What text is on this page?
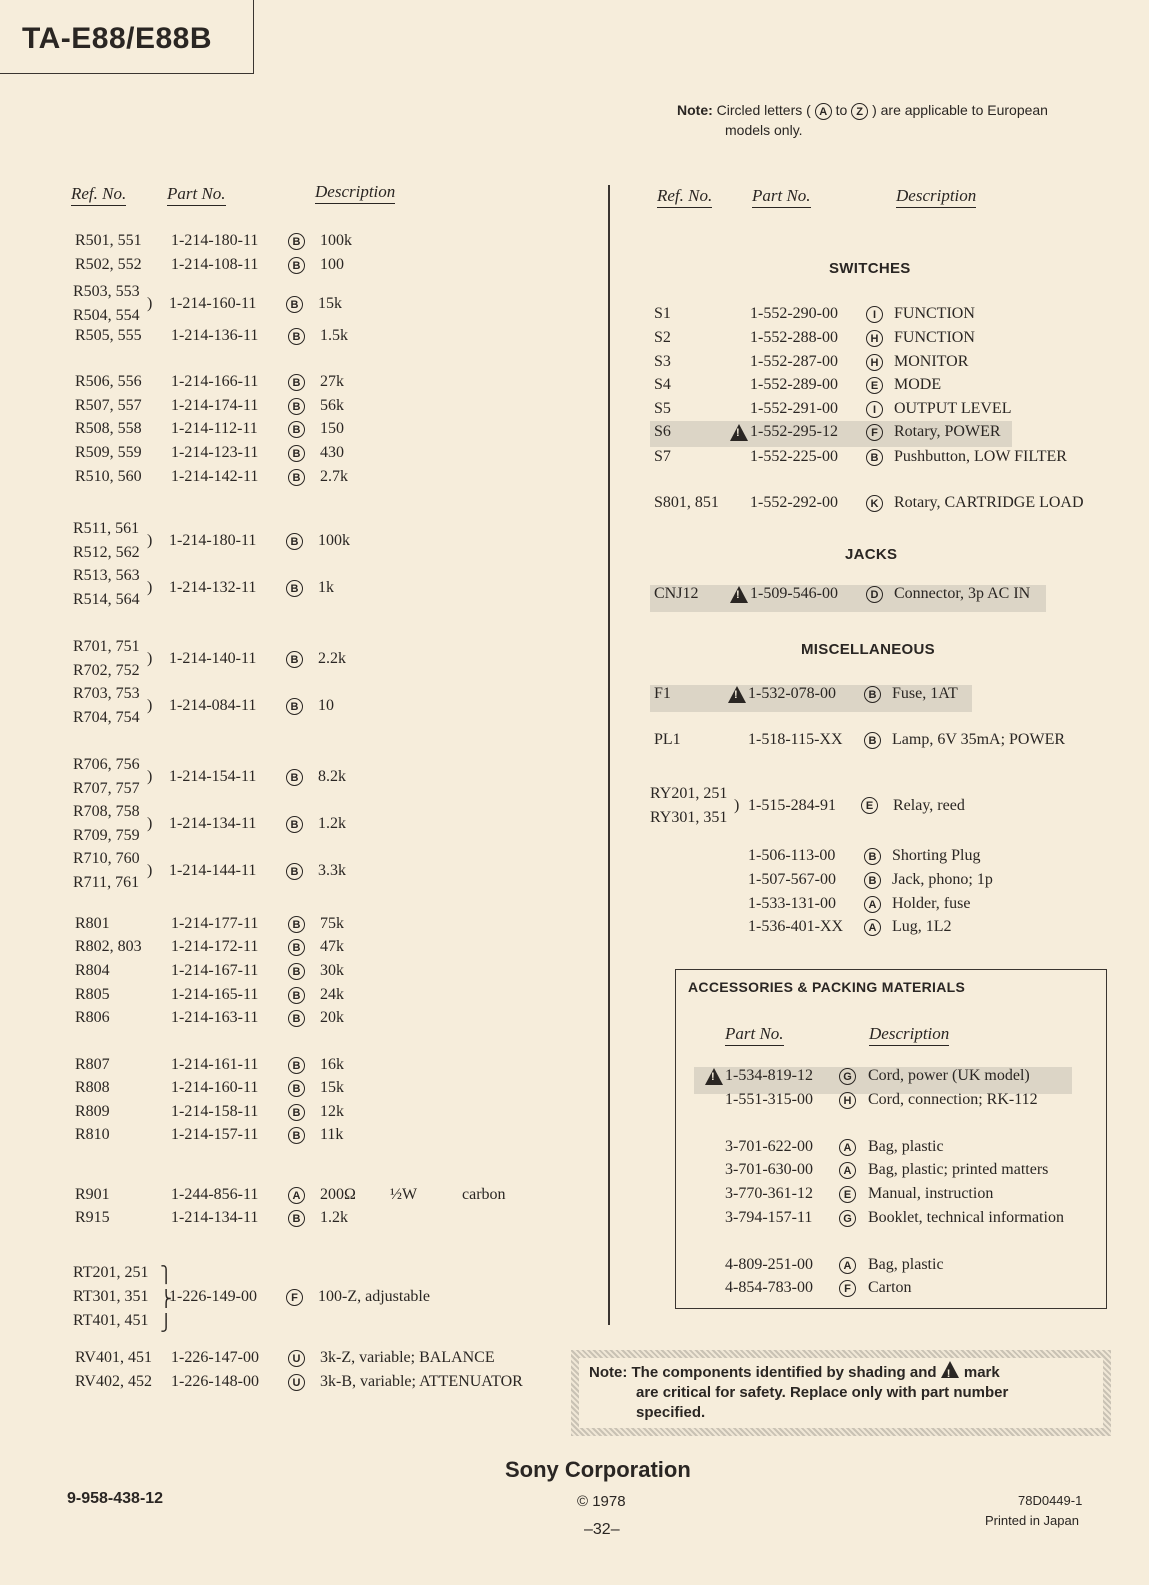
TA-E88/E88B
Note: Circled letters ( A to Z ) are applicable to European
models only.
Ref. No. Part No.	Description	Ref. No. Part No.	Description
R501, 551 1-214-180-11	B 100k
R502, 552 1-214-108-11	B 100
R505, 555 1-214-136-11	B 1.5k
R506, 556 1-214-166-11	B 27k
R507, 557 1-214-174-11	B 56k
R508, 558 1-214-112-11	B 150
R509, 559 1-214-123-11	B 430
R510, 560 1-214-142-11	B 2.7k
R801	1-214-177-11	B 75k
R802, 803 1-214-172-11	B 47k
R804	1-214-167-11	B 30k
R805	1-214-165-11	B 24k
R806	1-214-163-11	B 20k
R807	1-214-161-11	B 16k
R808	1-214-160-11	B 15k
R809	1-214-158-11	B 12k
R810	1-214-157-11	B 11k
R901	1-244-856-11	A 200Ω ½W	carbon
R915	1-214-134-11	B 1.2k
RV401, 451 1-226-147-00	U 3k-Z, variable; BALANCE
RV402, 452 1-226-148-00	U 3k-B, variable; ATTENUATOR
R503, 553
R504, 554
) 1-214-160-11	B 15k
R511, 561
R512, 562
) 1-214-180-11	B 100k
R513, 563
R514, 564
) 1-214-132-11	B 1k
R701, 751
R702, 752
) 1-214-140-11	B 2.2k
R703, 753
R704, 754
) 1-214-084-11	B 10
R706, 756
R707, 757
) 1-214-154-11	B 8.2k
R708, 758
R709, 759
) 1-214-134-11	B 1.2k
R710, 760
R711, 761
) 1-214-144-11	B 3.3k
RT201, 251
RT301, 351
RT401, 451
⎫
⎬
⎭
1-226-149-00	F	100-Z, adjustable
SWITCHES
JACKS
MISCELLANEOUS
S1	1-552-290-00	I	FUNCTION
S2	1-552-288-00	H FUNCTION
S3	1-552-287-00	H MONITOR
S4	1-552-289-00	E MODE
S5	1-552-291-00	I	OUTPUT LEVEL
S6 !	1-552-295-12	F	Rotary, POWER
S7	1-552-225-00	B Pushbutton, LOW FILTER
S801, 851 1-552-292-00	K Rotary, CARTRIDGE LOAD
CNJ12 !	1-509-546-00	D Connector, 3p AC IN
F1 !	1-532-078-00	B Fuse, 1AT
PL1	1-518-115-XX	B Lamp, 6V 35mA; POWER
1-506-113-00	B Shorting Plug
1-507-567-00	B Jack, phono; 1p
1-533-131-00	A Holder, fuse
1-536-401-XX	A Lug, 1L2
RY201, 251
RY301, 351
) 1-515-284-91	E	Relay, reed
ACCESSORIES & PACKING MATERIALS
Part No.	Description
!
1-534-819-12	G Cord, power (UK model)
1-551-315-00	H Cord, connection; RK-112
3-701-622-00	A Bag, plastic
3-701-630-00	A Bag, plastic; printed matters
3-770-361-12	E	Manual, instruction
3-794-157-11	G Booklet, technical information
4-809-251-00	A Bag, plastic
4-854-783-00	F	Carton
Note: The components identified by shading and ! mark
are critical for safety. Replace only with part number
specified.
Sony Corporation
9-958-438-12	© 1978
–32–
78D0449-1
Printed in Japan
